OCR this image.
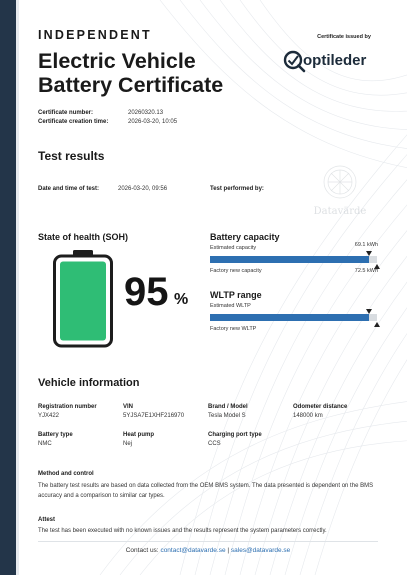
INDEPENDENT
Electric Vehicle Battery Certificate
Certificate issued by
optileder
Certificate number:	20260320.13
Certificate creation time:	2026-03-20, 10:05
Test results
Date and time of test:	2026-03-20, 09:56	Test performed by:
Datavärde
State of health (SOH)
95 %
Battery capacity
Estimated capacity	69.1 kWh
Factory new capacity	72.5 kWh
WLTP range
Estimated WLTP
Factory new WLTP
Vehicle information
Registration number
YJX422
VIN
5YJSA7E1XHF216970
Brand / Model
Tesla Model S
Odometer distance
148000 km
Battery type
NMC
Heat pump
Nej
Charging port type
CCS
Method and control
The battery test results are based on data collected from the OEM BMS system. The data presented is dependent on the BMS accuracy and a comparison to similar car types.
Attest
The test has been executed with no known issues and the results represent the system parameters correctly.
Contact us: contact@datavarde.se | sales@datavarde.se
